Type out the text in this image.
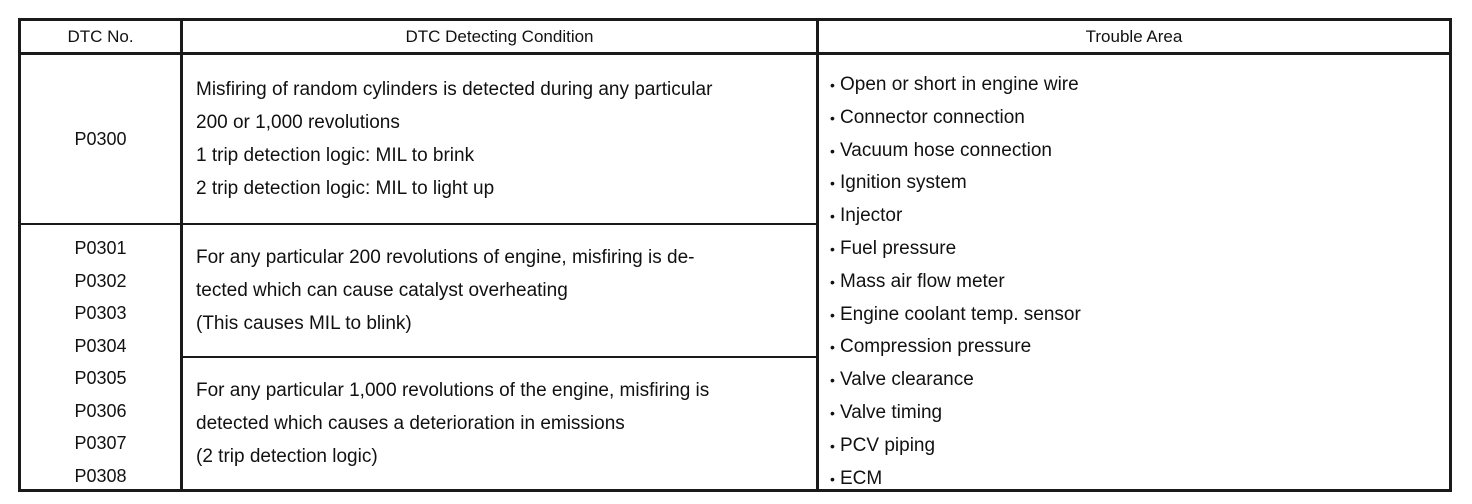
DTC No.	DTC Detecting Condition	Trouble Area
P0300
Misfiring of random cylinders is detected during any particular
200 or 1,000 revolutions
1 trip detection logic: MIL to brink
2 trip detection logic: MIL to light up
P0301
P0302
P0303
P0304
P0305
P0306
P0307
P0308
For any particular 200 revolutions of engine, misfiring is de-
tected which can cause catalyst overheating
(This causes MIL to blink)
For any particular 1,000 revolutions of the engine, misfiring is
detected which causes a deterioration in emissions
(2 trip detection logic)
• Open or short in engine wire
• Connector connection
• Vacuum hose connection
• Ignition system
• Injector
• Fuel pressure
• Mass air flow meter
• Engine coolant temp. sensor
• Compression pressure
• Valve clearance
• Valve timing
• PCV piping
• ECM
